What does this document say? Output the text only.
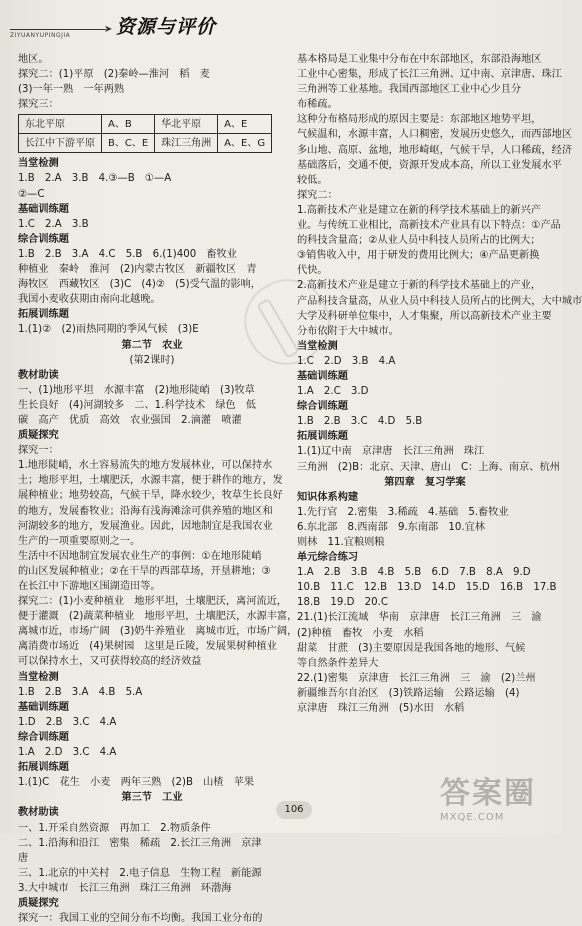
➤ 资源与评价
ZIYUANYUPINGJIA
地区。
探究二：(1)平原　(2)秦岭—淮河　稻　麦
(3)一年一熟　一年两熟
探究三：
东北平原	A、B	华北平原	A、E
长江中下游平原	B、C、E	珠江三角洲	A、E、G
当堂检测
1.B　2.A　3.B　4.③—B　①—A
②—C
基础训练题
1.C　2.A　3.B
综合训练题
1.B　2.B　3.A　4.C　5.B　6.(1)400　畜牧业
种植业　秦岭　淮河　(2)内蒙古牧区　新疆牧区　青
海牧区　西藏牧区　(3)C　(4)②　(5)受气温的影响，
我国小麦收获期由南向北越晚。
拓展训练题
1.(1)②　(2)雨热同期的季风气候　(3)E
第二节　农业
(第2课时)
教材助读
一、(1)地形平坦　水源丰富　(2)地形陡峭　(3)牧草
生长良好　(4)河湖较多　二、1.科学技术　绿色　低
碳　高产　优质　高效　农业强国　2.滴灌　喷灌
质疑探究
探究一：
1.地形陡峭，水土容易流失的地方发展林业，可以保持水
土；地形平坦，土壤肥沃，水源丰富，便于耕作的地方，发
展种植业；地势较高，气候干旱，降水较少，牧草生长良好
的地方，发展畜牧业；沿海有浅海滩涂可供养殖的地区和
河湖较多的地方，发展渔业。因此，因地制宜是我国农业
生产的一项重要原则之一。
生活中不因地制宜发展农业生产的事例：①在地形陡峭
的山区发展种植业；②在干旱的西部草场，开垦耕地；③
在长江中下游地区围湖造田等。
探究二：(1)小麦种植业　地形平坦，土壤肥沃，离河流近，
便于灌溉　(2)蔬菜种植业　地形平坦，土壤肥沃，水源丰富，
离城市近，市场广阔　(3)奶牛养殖业　离城市近，市场广阔，
离消费市场近　(4)果树园　这里是丘陵，发展果树种植业
可以保持水土，又可获得较高的经济效益
当堂检测
1.B　2.B　3.A　4.B　5.A
基础训练题
1.D　2.B　3.C　4.A
综合训练题
1.A　2.D　3.C　4.A
拓展训练题
1.(1)C　花生　小麦　两年三熟　(2)B　山楂　苹果
第三节　工业
教材助读
一、1.开采自然资源　再加工　2.物质条件
二、1.沿海和沿江　密集　稀疏　2.长江三角洲　京津
唐
三、1.北京的中关村　2.电子信息　生物工程　新能源
3.大中城市　长江三角洲　珠江三角洲　环渤海
质疑探究
探究一：我国工业的空间分布不均衡。我国工业分布的
基本格局是工业集中分布在中东部地区，东部沿海地区
工业中心密集，形成了长江三角洲、辽中南、京津唐、珠江
三角洲等工业基地。我国西部地区工业中心少且分
布稀疏。
这种分布格局形成的原因主要是：东部地区地势平坦，
气候温和，水源丰富，人口稠密，发展历史悠久，而西部地区
多山地、高原、盆地，地形崎岖，气候干旱，人口稀疏，经济
基础落后，交通不便，资源开发成本高，所以工业发展水平
较低。
探究二：
1.高新技术产业是建立在新的科学技术基础上的新兴产
业。与传统工业相比，高新技术产业具有以下特点：①产品
的科技含量高；②从业人员中科技人员所占的比例大；
③销售收入中，用于研发的费用比例大；④产品更新换
代快。
2.高新技术产业是建立于新的科学技术基础上的产业，
产品科技含量高，从业人员中科技人员所占的比例大，大中城市
大学及科研单位集中，人才集聚，所以高新技术产业主要
分布依附于大中城市。
当堂检测
1.C　2.D　3.B　4.A
基础训练题
1.A　2.C　3.D
综合训练题
1.B　2.B　3.C　4.D　5.B
拓展训练题
1.(1)辽中南　京津唐　长江三角洲　珠江
三角洲　(2)B：北京、天津、唐山　C：上海、南京、杭州
第四章　复习学案
知识体系构建
1.先行官　2.密集　3.稀疏　4.基础　5.畜牧业
6.东北部　8.西南部　9.东南部　10.宜林
则林　11.宜粮则粮
单元综合练习
1.A　2.B　3.B　4.B　5.B　6.D　7.B　8.A　9.D
10.B　11.C　12.B　13.D　14.D　15.D　16.B　17.B
18.B　19.D　20.C
21.(1)长江流域　华南　京津唐　长江三角洲　三　渝
(2)种植　畜牧　小麦　水稻
甜菜　甘蔗　(3)主要原因是我国各地的地形、气候
等自然条件差异大
22.(1)密集　京津唐　长江三角洲　三　渝　(2)兰州
新疆维吾尔自治区　(3)铁路运输　公路运输　(4)
京津唐　珠江三角洲　(5)水田　水稻
106	答案圈
MXQE.COM
